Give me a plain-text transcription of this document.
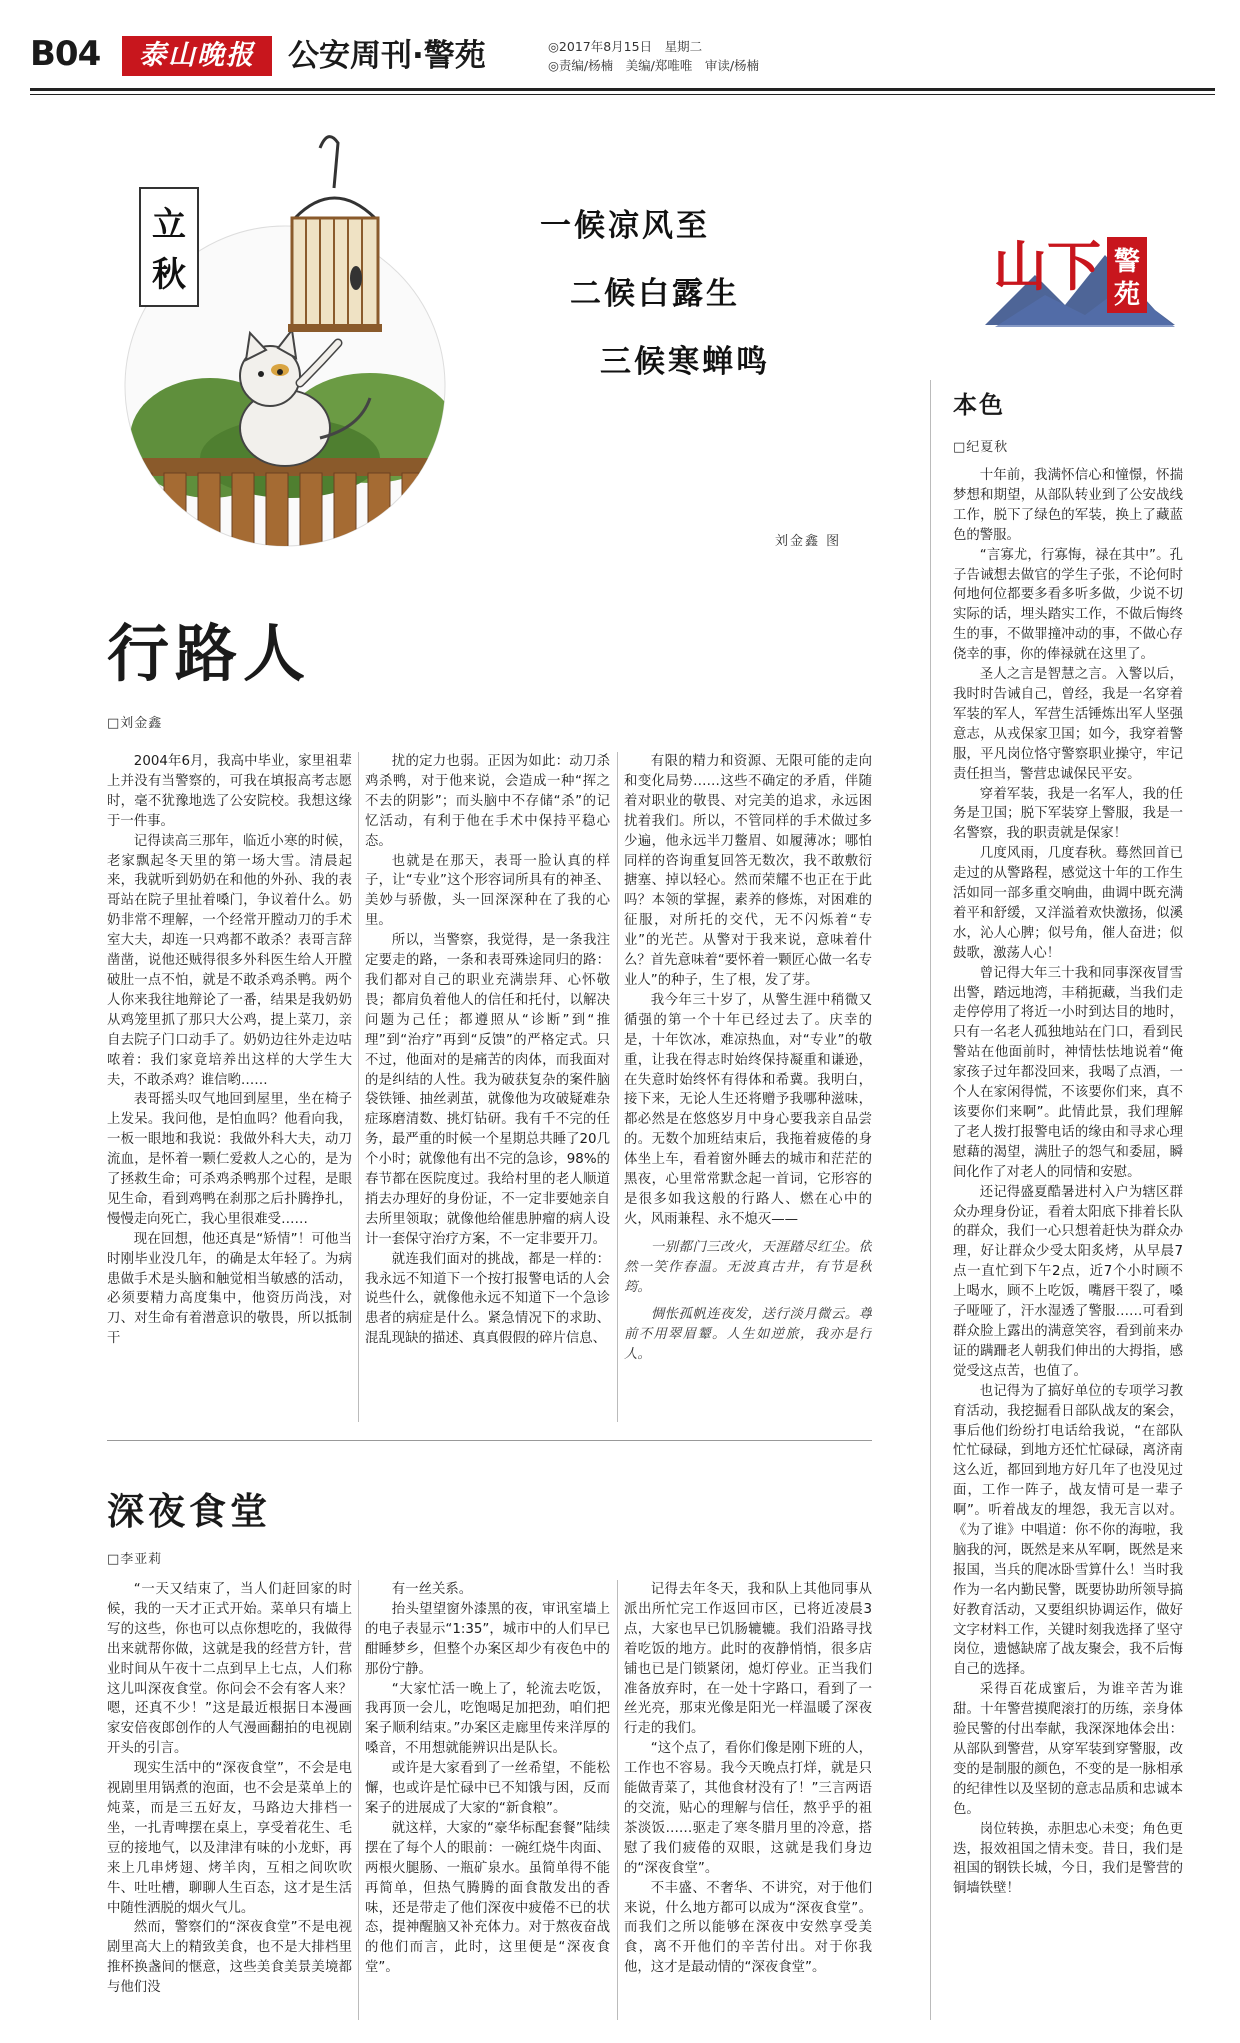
B04	泰山晚报	公安周刊·警苑	◎2017年8月15日　星期二
◎责编/杨楠　美编/郑唯唯　审读/杨楠
立
秋
一候凉风至
二候白露生
三候寒蝉鸣
刘金鑫 图
山下 警
苑
行路人
□刘金鑫

2004年6月，我高中毕业，家里祖辈上并没有当警察的，可我在填报高考志愿时，毫不犹豫地选了公安院校。我想这缘于一件事。

记得读高三那年，临近小寒的时候，老家飘起冬天里的第一场大雪。清晨起来，我就听到奶奶在和他的外孙、我的表哥站在院子里扯着嗓门，争议着什么。奶奶非常不理解，一个经常开膛动刀的手术室大夫，却连一只鸡都不敢杀？表哥言辞凿凿，说他还贼得很多外科医生给人开膛破肚一点不怕，就是不敢杀鸡杀鸭。两个人你来我往地辩论了一番，结果是我奶奶从鸡笼里抓了那只大公鸡，提上菜刀，亲自去院子门口动手了。奶奶边往外走边咕哝着：我们家竟培养出这样的大学生大夫，不敢杀鸡？谁信哟……

表哥摇头叹气地回到屋里，坐在椅子上发呆。我问他，是怕血吗？他看向我，一板一眼地和我说：我做外科大夫，动刀流血，是怀着一颗仁爱救人之心的，是为了拯救生命；可杀鸡杀鸭那个过程，是眼见生命，看到鸡鸭在刹那之后扑腾挣扎，慢慢走向死亡，我心里很难受……

现在回想，他还真是“矫情”！可他当时刚毕业没几年，的确是太年轻了。为病患做手术是头脑和触觉相当敏感的活动，必须要精力高度集中，他资历尚浅，对刀、对生命有着潜意识的敬畏，所以抵制干

扰的定力也弱。正因为如此：动刀杀鸡杀鸭，对于他来说，会造成一种“挥之不去的阴影”；而头脑中不存储“杀”的记忆活动，有利于他在手术中保持平稳心态。

也就是在那天，表哥一脸认真的样子，让“专业”这个形容词所具有的神圣、美妙与骄傲，头一回深深种在了我的心里。

所以，当警察，我觉得，是一条我注定要走的路，一条和表哥殊途同归的路：我们都对自己的职业充满崇拜、心怀敬畏；都肩负着他人的信任和托付，以解决问题为己任；都遵照从“诊断”到“推理”到“治疗”再到“反馈”的严格定式。只不过，他面对的是痛苦的肉体，而我面对的是纠结的人性。我为破获复杂的案件脑袋铁锤、抽丝剥茧，就像他为攻破疑难杂症琢磨清数、挑灯钻研。我有千不完的任务，最严重的时候一个星期总共睡了20几个小时；就像他有出不完的急诊，98%的春节都在医院度过。我给村里的老人顺道捎去办理好的身份证，不一定非要她亲自去所里领取；就像他给催患肿瘤的病人设计一套保守治疗方案，不一定非要开刀。

就连我们面对的挑战，都是一样的：我永远不知道下一个按打报警电话的人会说些什么，就像他永远不知道下一个急诊患者的病症是什么。紧急情况下的求助、混乱现缺的描述、真真假假的碎片信息、

有限的精力和资源、无限可能的走向和变化局势……这些不确定的矛盾，伴随着对职业的敬畏、对完美的追求，永远困扰着我们。所以，不管同样的手术做过多少遍，他永远半刀鳖眉、如履薄冰；哪怕同样的咨询重复回答无数次，我不敢敷衍搪塞、掉以轻心。然而荣耀不也正在于此吗？本领的掌握，素养的修炼，对困难的征服，对所托的交代，无不闪烁着“专业”的光芒。从警对于我来说，意味着什么？首先意味着“要怀着一颗匠心做一名专业人”的种子，生了根，发了芽。

我今年三十岁了，从警生涯中稍微又循强的第一个十年已经过去了。庆幸的是，十年饮冰，难凉热血，对“专业”的敬重，让我在得志时始终保持凝重和谦逊，在失意时始终怀有得体和希冀。我明白，接下来，无论人生还将赠予我哪种滋味，都必然是在悠悠岁月中身心要我亲自品尝的。无数个加班结束后，我拖着疲倦的身体坐上车，看着窗外睡去的城市和茫茫的黑夜，心里常常默念起一首词，它形容的是很多如我这般的行路人、燃在心中的火，风雨兼程、永不熄灭——

一别都门三改火，天涯踏尽红尘。依然一笑作春温。无波真古井，有节是秋筠。

惆怅孤帆连夜发，送行淡月微云。尊前不用翠眉颦。人生如逆旅，我亦是行人。

深夜食堂
□李亚莉

“一天又结束了，当人们赶回家的时候，我的一天才正式开始。菜单只有墙上写的这些，你也可以点你想吃的，我做得出来就帮你做，这就是我的经营方针，营业时间从午夜十二点到早上七点，人们称这儿叫深夜食堂。你问会不会有客人来？嗯，还真不少！”这是最近根据日本漫画家安倍夜郎创作的人气漫画翻拍的电视剧开头的引言。

现实生活中的“深夜食堂”，不会是电视剧里用锅煮的泡面，也不会是菜单上的炖菜，而是三五好友，马路边大排档一坐，一扎青啤摆在桌上，享受着花生、毛豆的接地气，以及津津有味的小龙虾，再来上几串烤翅、烤羊肉，互相之间吹吹牛、吐吐槽，聊聊人生百态，这才是生活中随性洒脱的烟火气儿。

然而，警察们的“深夜食堂”不是电视剧里高大上的精致美食，也不是大排档里推杯换盏间的惬意，这些美食美景美境都与他们没

有一丝关系。

抬头望望窗外漆黑的夜，审讯室墙上的电子表显示“1:35”，城市中的人们早已酣睡梦乡，但整个办案区却少有夜色中的那份宁静。

“大家忙活一晚上了，轮流去吃饭，我再顶一会儿，吃饱喝足加把劲，咱们把案子顺利结束。”办案区走廊里传来洋厚的嗓音，不用想就能辨识出是队长。

或许是大家看到了一丝希望，不能松懈，也或许是忙碌中已不知饿与困，反而案子的进展成了大家的“新食粮”。

就这样，大家的“豪华标配套餐”陆续摆在了每个人的眼前：一碗红烧牛肉面、两根火腿肠、一瓶矿泉水。虽简单得不能再简单，但热气腾腾的面食散发出的香味，还是带走了他们深夜中疲倦不已的状态，提神醒脑又补充体力。对于熬夜奋战的他们而言，此时，这里便是“深夜食堂”。

记得去年冬天，我和队上其他同事从派出所忙完工作返回市区，已将近凌晨3点，大家也早已饥肠辘辘。我们沿路寻找着吃饭的地方。此时的夜静悄悄，很多店铺也已是门锁紧闭，熄灯停业。正当我们准备放弃时，在一处十字路口，看到了一丝光亮，那束光像是阳光一样温暖了深夜行走的我们。

“这个点了，看你们像是刚下班的人，工作也不容易。我今天晚点打烊，就是只能做青菜了，其他食材没有了！”三言两语的交流，贴心的理解与信任，熬乎乎的祖茶淡饭……驱走了寒冬腊月里的冷意，搭慰了我们疲倦的双眼，这就是我们身边的“深夜食堂”。

不丰盛、不奢华、不讲究，对于他们来说，什么地方都可以成为“深夜食堂”。而我们之所以能够在深夜中安然享受美食，离不开他们的辛苦付出。对于你我他，这才是最动情的“深夜食堂”。

本色
□纪夏秋

十年前，我满怀信心和憧憬，怀揣梦想和期望，从部队转业到了公安战线工作，脱下了绿色的军装，换上了藏蓝色的警服。

“言寡尤，行寡悔，禄在其中”。孔子告诫想去做官的学生子张，不论何时何地何位都要多看多听多做，少说不切实际的话，埋头踏实工作，不做后悔终生的事，不做罪撞冲动的事，不做心存侥幸的事，你的俸禄就在这里了。

圣人之言是智慧之言。入警以后，我时时告诫自己，曾经，我是一名穿着军装的军人，军营生活锤炼出军人坚强意志，从戎保家卫国；如今，我穿着警服，平凡岗位恪守警察职业操守，牢记责任担当，警营忠诚保民平安。

穿着军装，我是一名军人，我的任务是卫国；脱下军装穿上警服，我是一名警察，我的职责就是保家！

几度风雨，几度春秋。蓦然回首已走过的从警路程，感觉这十年的工作生活如同一部多重交响曲，曲调中既充满着平和舒缓，又洋溢着欢快激扬，似溪水，沁人心脾；似号角，催人奋进；似鼓歌，激荡人心！

曾记得大年三十我和同事深夜冒雪出警，踏远地湾，丰稍扼藏，当我们走走停停用了将近一小时到达目的地时，只有一名老人孤独地站在门口，看到民警站在他面前时，神情怯怯地说着“俺家孩子过年都没回来，我喝了点酒，一个人在家闲得慌，不该要你们来，真不该要你们来啊”。此情此景，我们理解了老人拨打报警电话的缘由和寻求心理慰藉的渴望，满肚子的怨气和委屈，瞬间化作了对老人的同情和安慰。

还记得盛夏酷暑进村入户为辖区群众办理身份证，看着太阳底下排着长队的群众，我们一心只想着赶快为群众办理，好让群众少受太阳炙烤，从早晨7点一直忙到下午2点，近7个小时顾不上喝水，顾不上吃饭，嘴唇干裂了，嗓子哑哑了，汗水湿透了警服……可看到群众脸上露出的满意笑容，看到前来办证的蹒跚老人朝我们伸出的大拇指，感觉受这点苦，也值了。

也记得为了搞好单位的专项学习教育活动，我挖掘看日部队战友的案会，事后他们纷纷打电话给我说，“在部队忙忙碌碌，到地方还忙忙碌碌，离济南这么近，都回到地方好几年了也没见过面，工作一阵子，战友情可是一辈子啊”。听着战友的埋怨，我无言以对。《为了谁》中唱道：你不你的海啦，我脑我的河，既然是来从军啊，既然是来报国，当兵的爬冰卧雪算什么！当时我作为一名内勤民警，既要协助所领导搞好教育活动，又要组织协调运作，做好文字材料工作，关键时刻我选择了坚守岗位，遗憾缺席了战友聚会，我不后悔自己的选择。

采得百花成蜜后，为谁辛苦为谁甜。十年警营摸爬滚打的历练，亲身体验民警的付出奉献，我深深地体会出：从部队到警营，从穿军装到穿警服，改变的是制服的颜色，不变的是一脉相承的纪律性以及坚韧的意志品质和忠诚本色。

岗位转换，赤胆忠心未变；角色更迭，报效祖国之情未变。昔日，我们是祖国的钢铁长城，今日，我们是警营的铜墙铁壁！
